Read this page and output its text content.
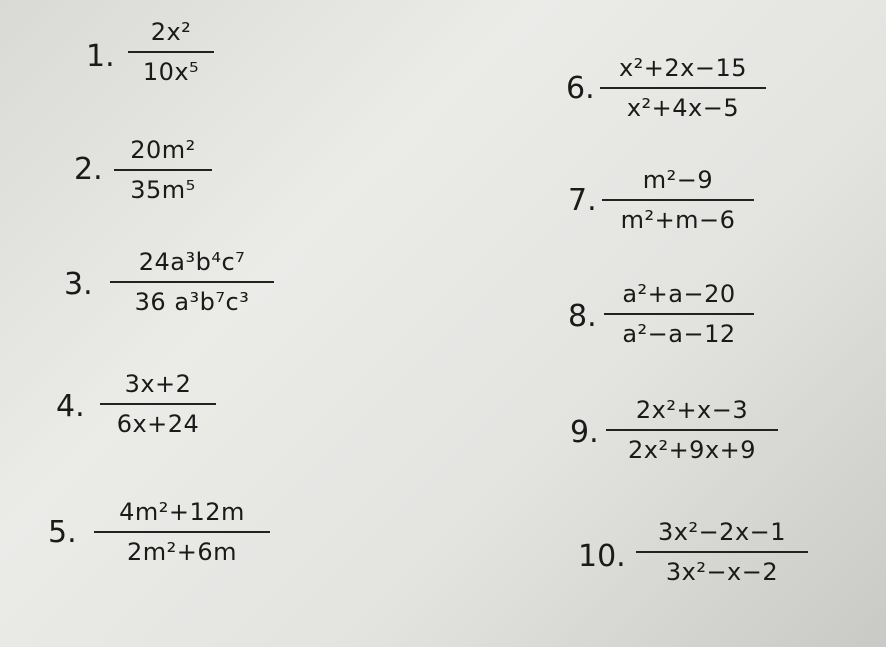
1.
2x²
10x⁵
2.
20m²
35m⁵
3.
24a³b⁴c⁷
36 a³b⁷c³
4.
3x+2
6x+24
5.
4m²+12m
2m²+6m
6.
x²+2x−15
x²+4x−5
7.
m²−9
m²+m−6
8.
a²+a−20
a²−a−12
9.
2x²+x−3
2x²+9x+9
10.
3x²−2x−1
3x²−x−2
